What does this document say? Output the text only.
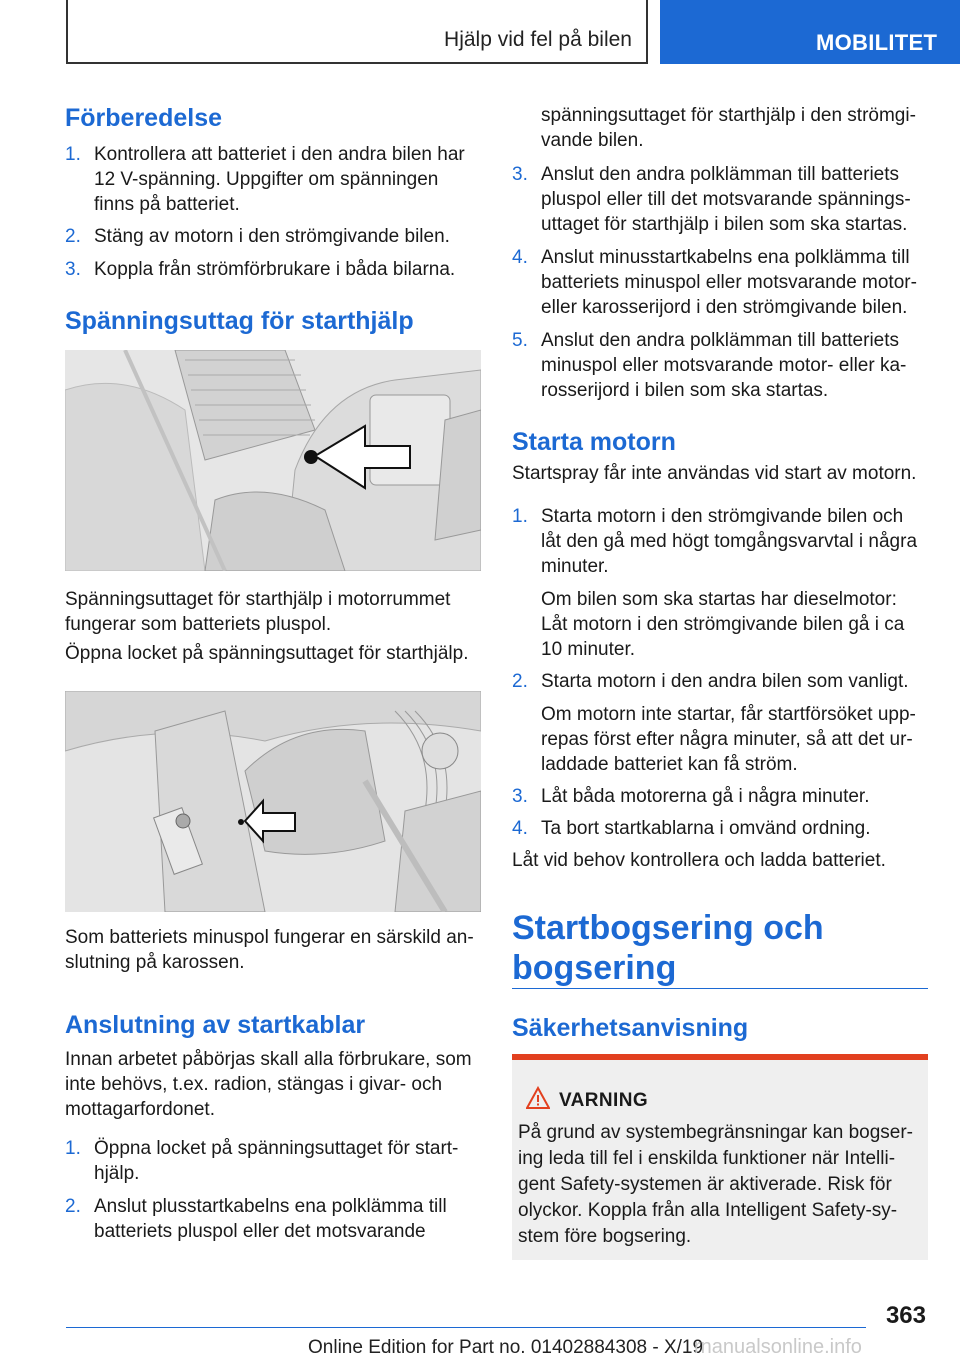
Hjälp vid fel på bilen	MOBILITET
Förberedelse
1. Kontrollera att batteriet i den andra bilen har
12 V-spänning. Uppgifter om spänningen
finns på batteriet.
2. Stäng av motorn i den strömgivande bilen.
3. Koppla från strömförbrukare i båda bilarna.
Spänningsuttag för starthjälp

Spänningsuttaget för starthjälp i motorrummet
fungerar som batteriets pluspol.

Öppna locket på spänningsuttaget för starthjälp.

Som batteriets minuspol fungerar en särskild an-
slutning på karossen.

Anslutning av startkablar

Innan arbetet påbörjas skall alla förbrukare, som
inte behövs, t.ex. radion, stängas i givar- och
mottagarfordonet.

1. Öppna locket på spänningsuttaget för start-
hjälp.
2. Anslut plusstartkabelns ena polklämma till
batteriets pluspol eller det motsvarande
spänningsuttaget för starthjälp i den strömgi-
vande bilen.
3. Anslut den andra polklämman till batteriets
pluspol eller till det motsvarande spännings-
uttaget för starthjälp i bilen som ska startas.
4. Anslut minusstartkabelns ena polklämma till
batteriets minuspol eller motsvarande motor-
eller karosserijord i den strömgivande bilen.
5. Anslut den andra polklämman till batteriets
minuspol eller motsvarande motor- eller ka-
rosserijord i bilen som ska startas.
Starta motorn

Startspray får inte användas vid start av motorn.

1. Starta motorn i den strömgivande bilen och
låt den gå med högt tomgångsvarvtal i några
minuter.
Om bilen som ska startas har dieselmotor:
Låt motorn i den strömgivande bilen gå i ca
10 minuter.
2. Starta motorn i den andra bilen som vanligt.
Om motorn inte startar, får startförsöket upp-
repas först efter några minuter, så att det ur-
laddade batteriet kan få ström.
3. Låt båda motorerna gå i några minuter.
4. Ta bort startkablarna i omvänd ordning.

Låt vid behov kontrollera och ladda batteriet.

Startbogsering och
bogsering
Säkerhetsanvisning
VARNING
På grund av systembegränsningar kan bogser-
ing leda till fel i enskilda funktioner när Intelli-
gent Safety-systemen är aktiverade. Risk för
olyckor. Koppla från alla Intelligent Safety-sy-
stem före bogsering.
363
Online Edition for Part no. 01402884308 - X/19
rnanualsonline.info
